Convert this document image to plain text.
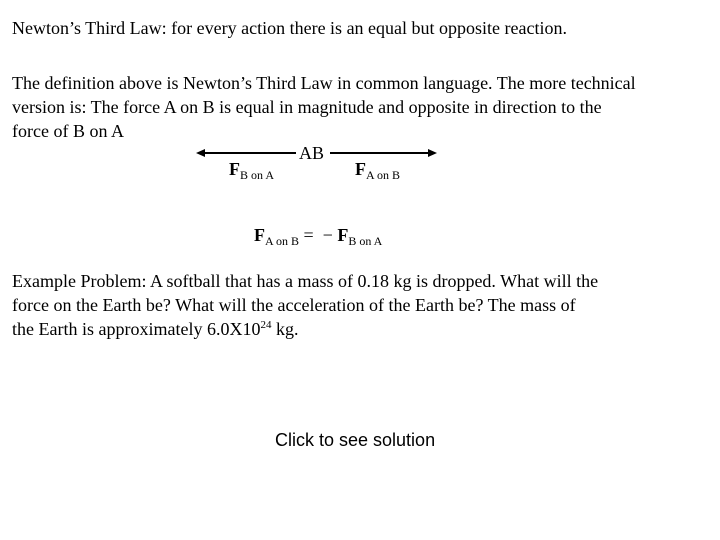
Newton’s Third Law: for every action there is an equal but opposite reaction.
The definition above is Newton’s Third Law in common language. The more technical
version is: The force A on B is equal in magnitude and opposite in direction to the
force of B on A
AB
$F_{B on A}$	$F_{A on B}$
$F_{A on B}$ =  − $F_{B on A}$
Example Problem: A softball that has a mass of 0.18 kg is dropped. What will the
force on the Earth be? What will the acceleration of the Earth be? The mass of
the Earth is approximately $6.0X10^{24}$ kg.
Click to see solution
